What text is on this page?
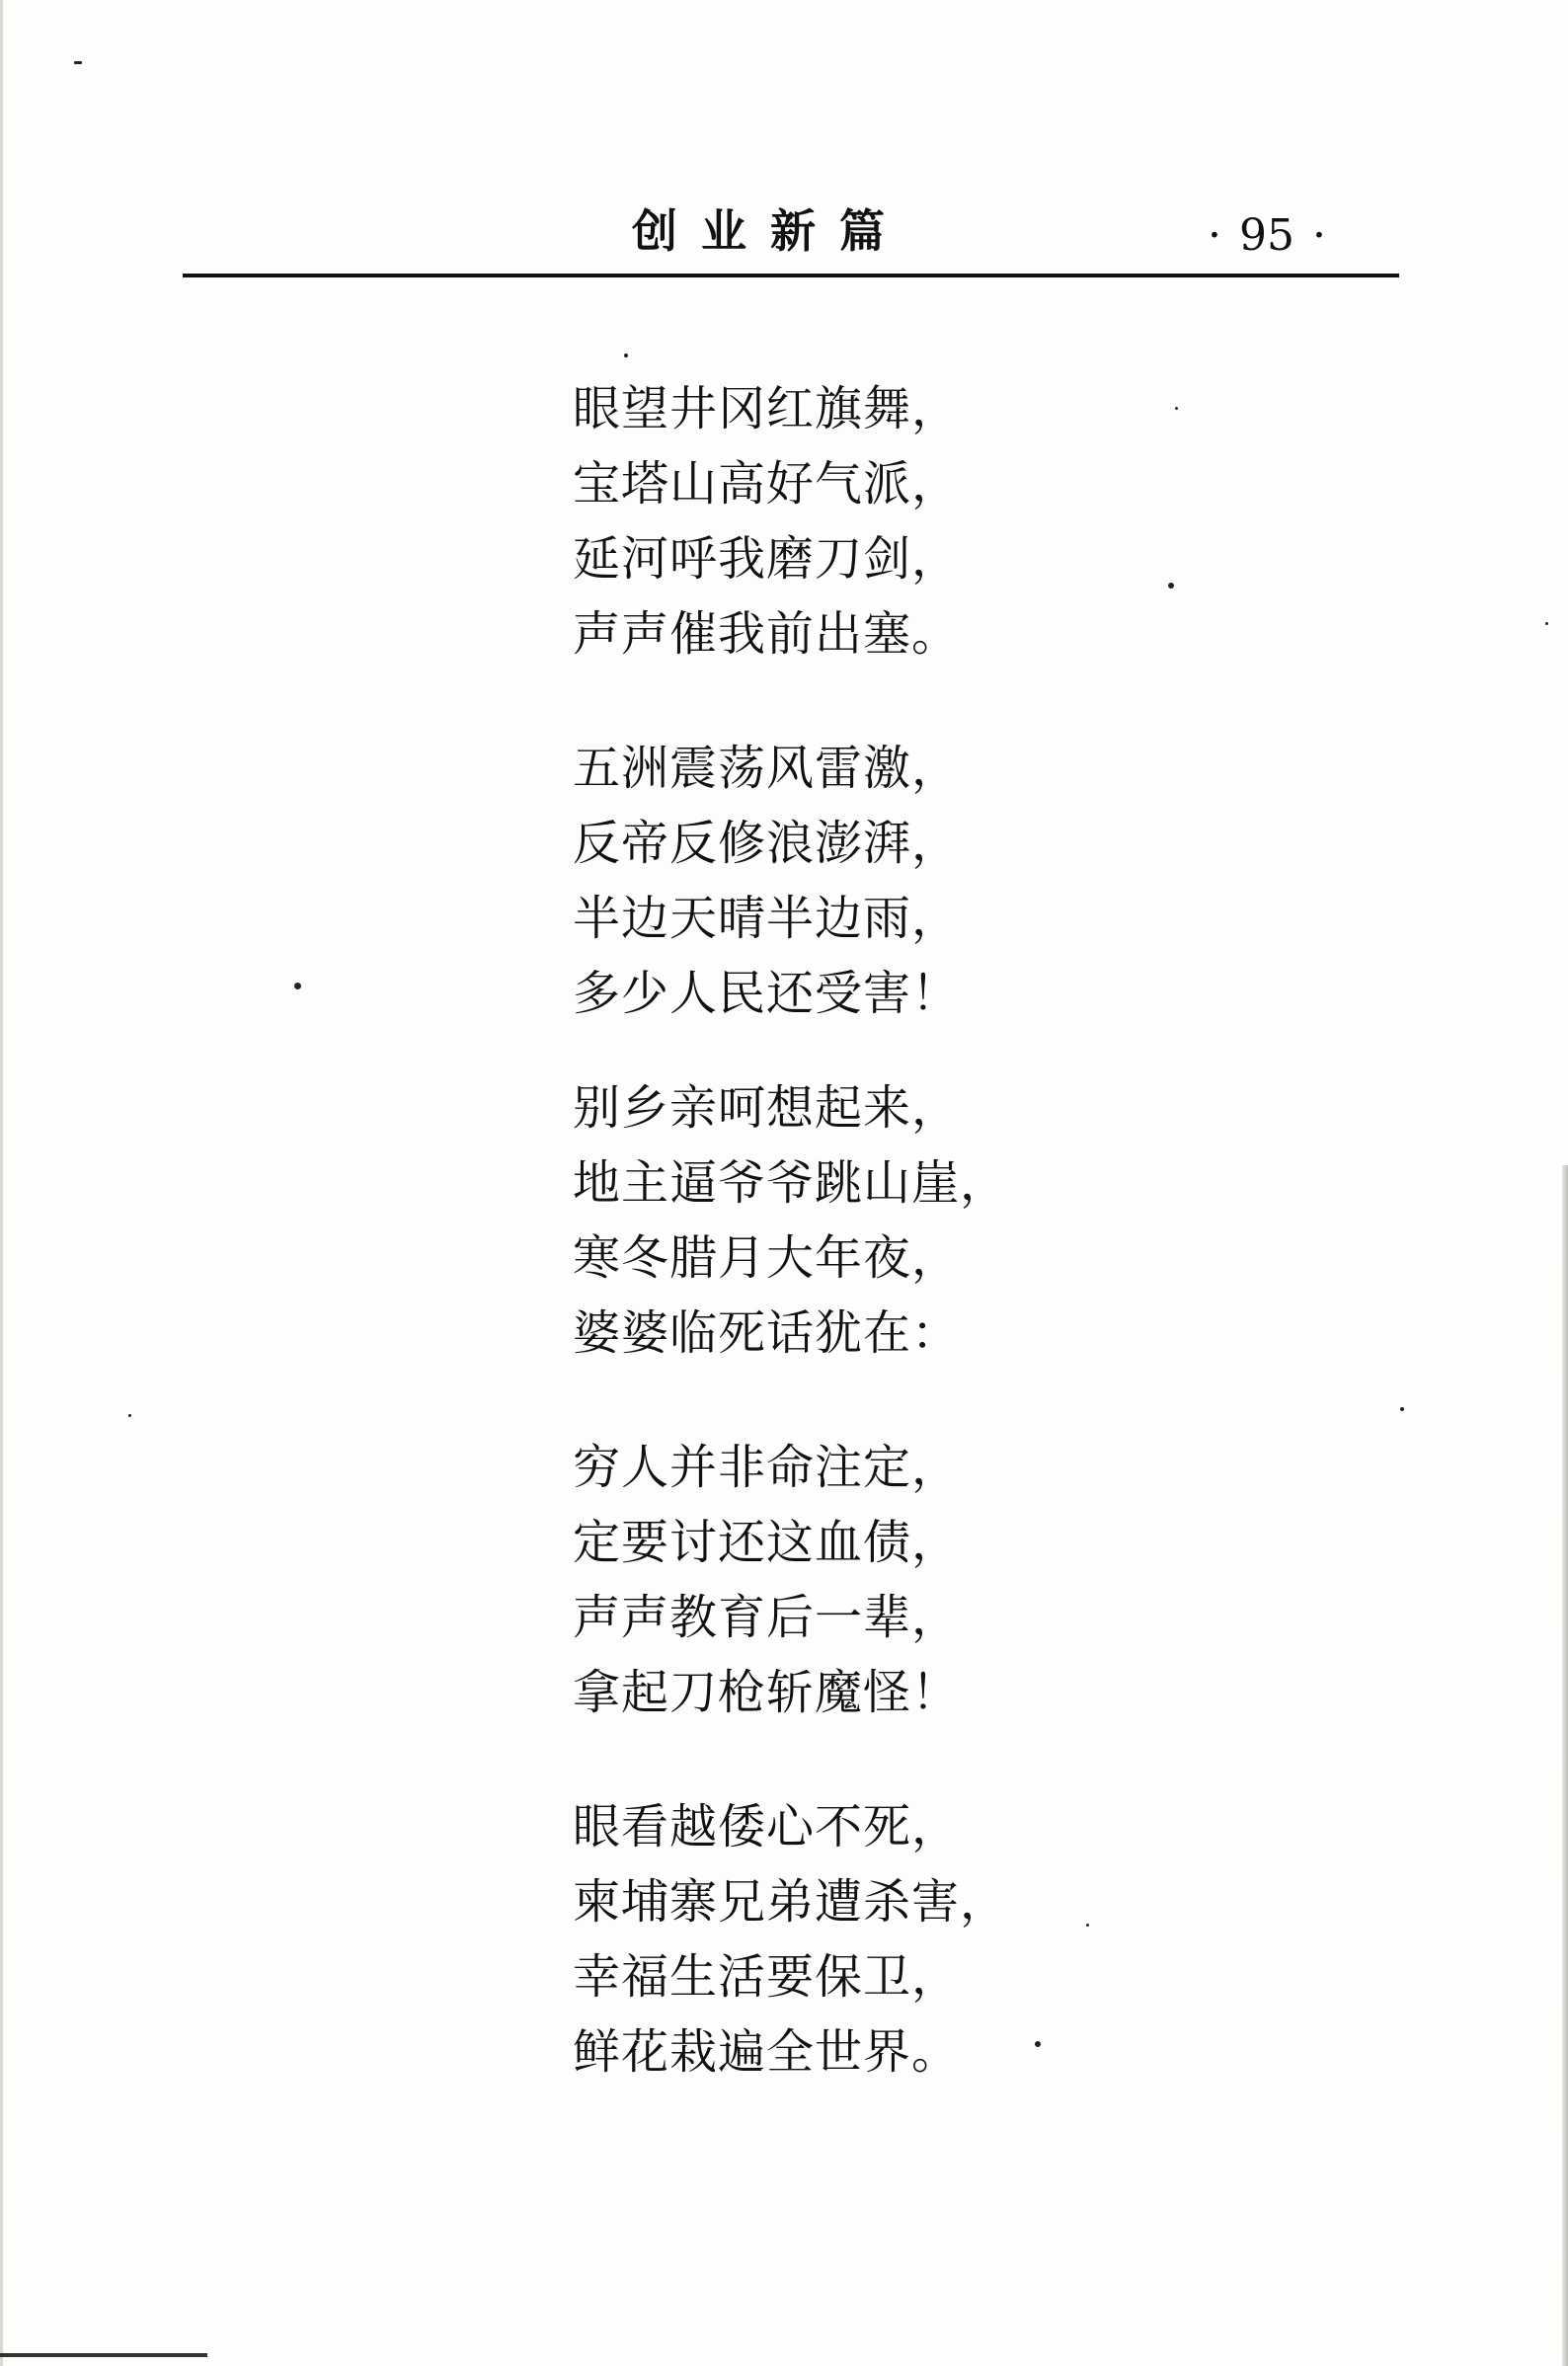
创业新篇	· 95 ·
眼望井冈红旗舞，
宝塔山高好气派，
延河呼我磨刀剑，
声声催我前出塞。
五洲震荡风雷激，
反帝反修浪澎湃，
半边天晴半边雨，
多少人民还受害！
别乡亲呵想起来，
地主逼爷爷跳山崖，
寒冬腊月大年夜，
婆婆临死话犹在：
穷人并非命注定，
定要讨还这血债，
声声教育后一辈，
拿起刀枪斩魔怪！
眼看越倭心不死，
柬埔寨兄弟遭杀害，
幸福生活要保卫，
鲜花栽遍全世界。
